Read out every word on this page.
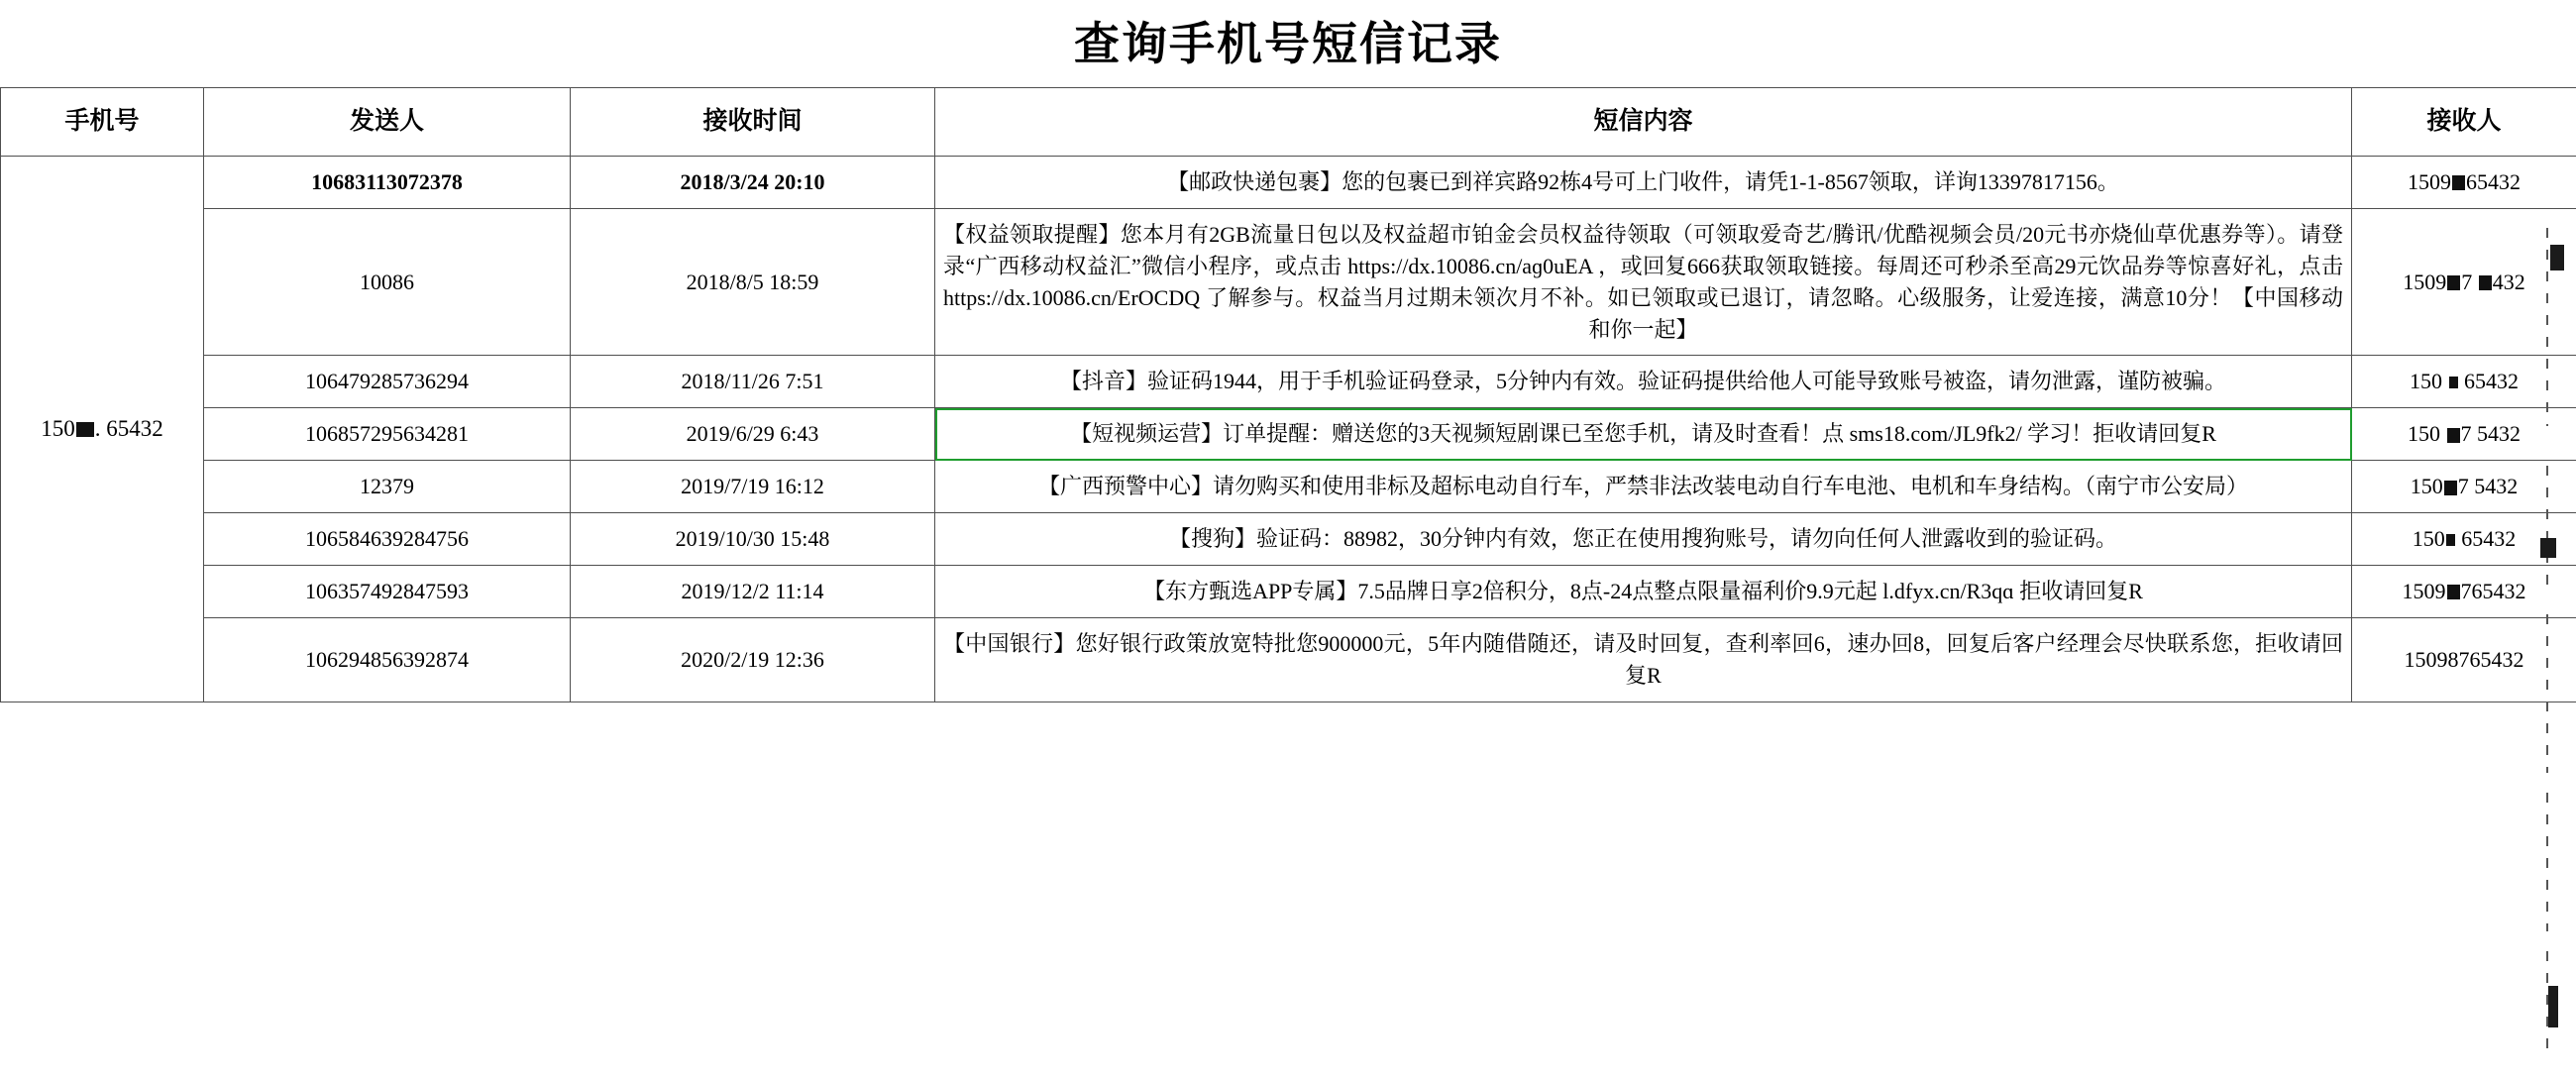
查询手机号短信记录
手机号	发送人	接收时间	短信内容	接收人
150 . 65432	10683113072378	2018/3/24 20:10	【邮政快递包裹】您的包裹已到祥宾路92栋4号可上门收件，请凭1-1-8567领取，详询13397817156。	1509 65432
	10086	2018/8/5 18:59	【权益领取提醒】您本月有2GB流量日包以及权益超市铂金会员权益待领取（可领取爱奇艺/腾讯/优酷视频会员/20元书亦烧仙草优惠券等）。请登录“广西移动权益汇”微信小程序，或点击 https://dx.10086.cn/aɡ0uEA ，或回复666获取领取链接。每周还可秒杀至高29元饮品券等惊喜好礼，点击 https://dx.10086.cn/ErOCDQ 了解参与。权益当月过期未领次月不补。如已领取或已退订，请忽略。心级服务，让爱连接，满意10分！【中国移动 和你一起】	1509 7 432
	106479285736294	2018/11/26 7:51	【抖音】验证码1944，用于手机验证码登录，5分钟内有效。验证码提供给他人可能导致账号被盗，请勿泄露，谨防被骗。	150  65432
	106857295634281	2019/6/29 6:43	【短视频运营】订单提醒：赠送您的3天视频短剧课已至您手机，请及时查看！点 sms18.com/JL9fk2/ 学习！拒收请回复R	150 7 5432
	12379	2019/7/19 16:12	【广西预警中心】请勿购买和使用非标及超标电动自行车，严禁非法改装电动自行车电池、电机和车身结构。（南宁市公安局）	150 7 5432
	106584639284756	2019/10/30 15:48	【搜狗】验证码：88982，30分钟内有效，您正在使用搜狗账号，请勿向任何人泄露收到的验证码。	150 65432
	106357492847593	2019/12/2 11:14	【东方甄选APP专属】7.5品牌日享2倍积分，8点-24点整点限量福利价9.9元起 l.dfyx.cn/R3qɑ 拒收请回复R	1509 765432
	106294856392874	2020/2/19 12:36	【中国银行】您好银行政策放宽特批您900000元，5年内随借随还，请及时回复，查利率回6，速办回8，回复后客户经理会尽快联系您，拒收请回复R	15098765432
